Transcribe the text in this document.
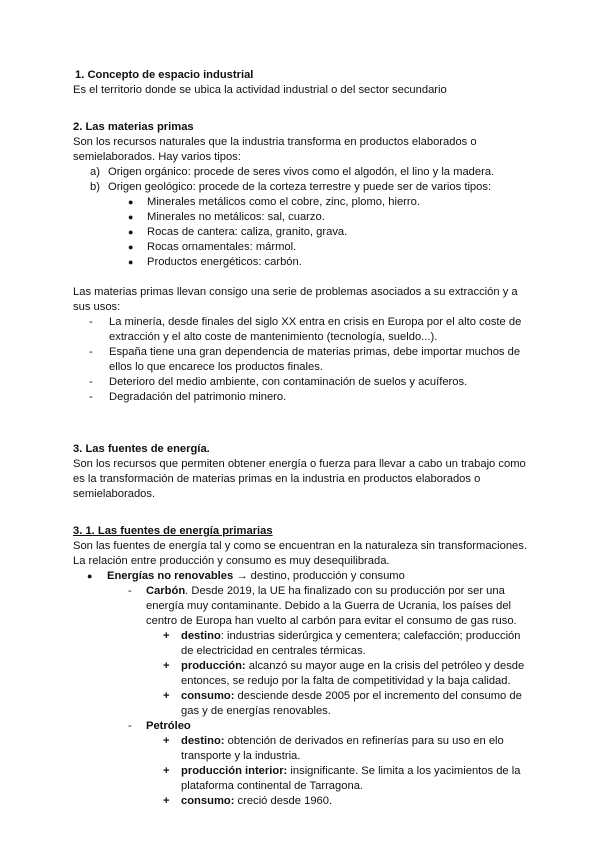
1. Concepto de espacio industrial

Es el territorio donde se ubica la actividad industrial o del sector secundario

2. Las materias primas

Son los recursos naturales que la industria transforma en productos elaborados o semielaborados. Hay varios tipos:

a) Origen orgánico: procede de seres vivos como el algodón, el lino y la madera.
b) Origen geológico: procede de la corteza terrestre y puede ser de varios tipos:
●	Minerales metálicos como el cobre, zinc, plomo, hierro.
●	Minerales no metálicos: sal, cuarzo.
●	Rocas de cantera: caliza, granito, grava.
●	Rocas ornamentales: mármol.
●	Productos energéticos: carbón.

Las materias primas llevan consigo una serie de problemas asociados a su extracción y a sus usos:

-	La minería, desde finales del siglo XX entra en crisis en Europa por el alto coste de extracción y el alto coste de mantenimiento (tecnología, sueldo...).
-	España tiene una gran dependencia de materias primas, debe importar muchos de ellos lo que encarece los productos finales.
-	Deterioro del medio ambiente, con contaminación de suelos y acuíferos.
-	Degradación del patrimonio minero.

3. Las fuentes de energía.

Son los recursos que permiten obtener energía o fuerza para llevar a cabo un trabajo como es la transformación de materias primas en la industria en productos elaborados o semielaborados.

3. 1. Las fuentes de energía primarias

Son las fuentes de energía tal y como se encuentran en la naturaleza sin transformaciones. La relación entre producción y consumo es muy desequilibrada.

●	Energías no renovables → destino, producción y consumo
-	Carbón. Desde 2019, la UE ha finalizado con su producción por ser una energía muy contaminante. Debido a la Guerra de Ucrania, los países del centro de Europa han vuelto al carbón para evitar el consumo de gas ruso.
+	destino: industrias siderúrgica y cementera; calefacción; producción de electricidad en centrales térmicas.
+	producción: alcanzó su mayor auge en la crisis del petróleo y desde entonces, se redujo por la falta de competitividad y la baja calidad.
+	consumo: desciende desde 2005 por el incremento del consumo de gas y de energías renovables.
-	Petróleo
+	destino: obtención de derivados en refinerías para su uso en elo transporte y la industria.
+	producción interior: insignificante. Se limita a los yacimientos de la plataforma continental de Tarragona.
+	consumo: creció desde 1960.
